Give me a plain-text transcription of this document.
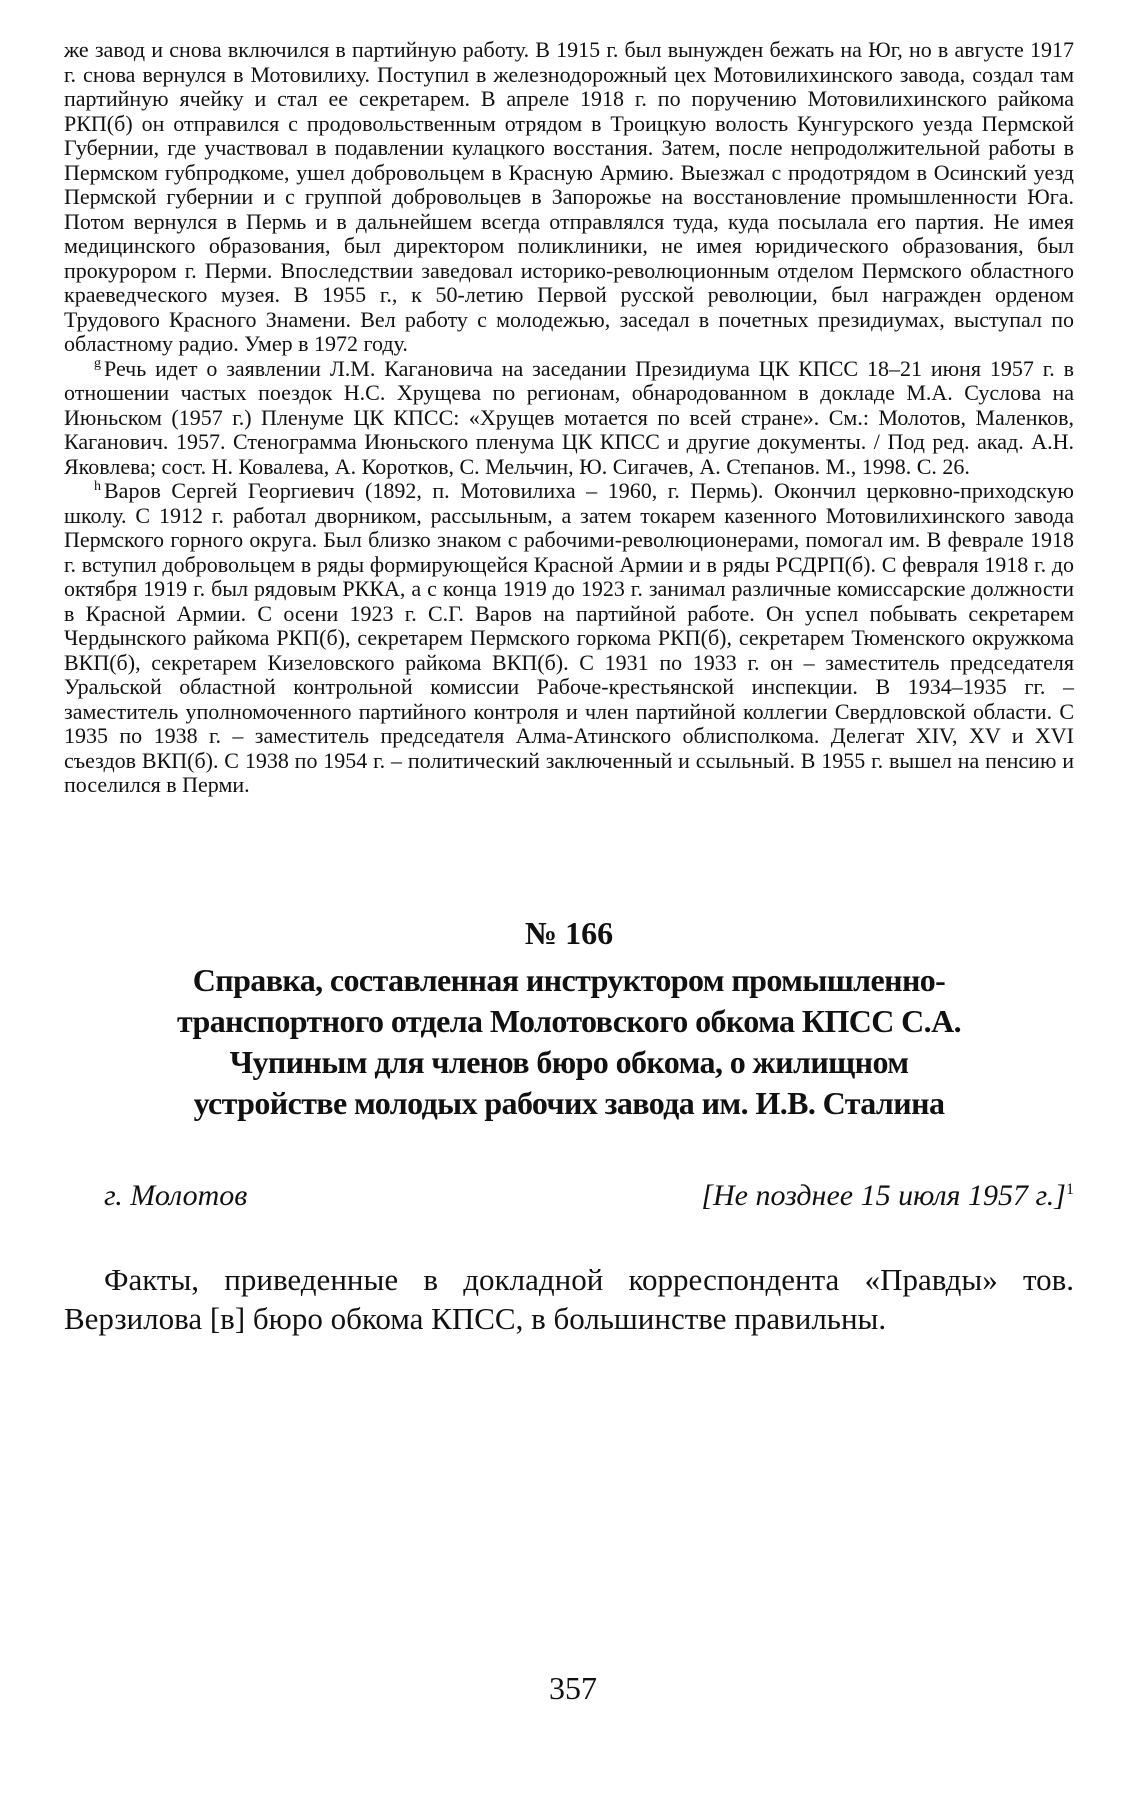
же завод и снова включился в партийную работу. В 1915 г. был вынужден бежать на Юг, но в августе 1917 г. снова вернулся в Мотовилиху. Поступил в железнодорожный цех Мотовилихинского завода, создал там партийную ячейку и стал ее секретарем. В апреле 1918 г. по поручению Мотовилихинского райкома РКП(б) он отправился с продовольственным отрядом в Троицкую волость Кунгурского уезда Пермской Губернии, где участвовал в подавлении кулацкого восстания. Затем, после непродолжительной работы в Пермском губпродкоме, ушел добровольцем в Красную Армию. Выезжал с продотрядом в Осинский уезд Пермской губернии и с группой добровольцев в Запорожье на восстановление промышленности Юга. Потом вернулся в Пермь и в дальнейшем всегда отправлялся туда, куда посылала его партия. Не имея медицинского образования, был директором поликлиники, не имея юридического образования, был прокурором г. Перми. Впоследствии заведовал историко-революционным отделом Пермского областного краеведческого музея. В 1955 г., к 50-летию Первой русской революции, был награжден орденом Трудового Красного Знамени. Вел работу с молодежью, заседал в почетных президиумах, выступал по областному радио. Умер в 1972 году.

$^g$ Речь идет о заявлении Л.М. Кагановича на заседании Президиума ЦК КПСС 18–21 июня 1957 г. в отношении частых поездок Н.С. Хрущева по регионам, обнародованном в докладе М.А. Суслова на Июньском (1957 г.) Пленуме ЦК КПСС: «Хрущев мотается по всей стране». См.: Молотов, Маленков, Каганович. 1957. Стенограмма Июньского пленума ЦК КПСС и другие документы. / Под ред. акад. А.Н. Яковлева; сост. Н. Ковалева, А. Коротков, С. Мельчин, Ю. Сигачев, А. Степанов. М., 1998. С. 26.

$^h$ Варов Сергей Георгиевич (1892, п. Мотовилиха – 1960, г. Пермь). Окончил церковно-приходскую школу. С 1912 г. работал дворником, рассыльным, а затем токарем казенного Мотовилихинского завода Пермского горного округа. Был близко знаком с рабочими-революционерами, помогал им. В феврале 1918 г. вступил добровольцем в ряды формирующейся Красной Армии и в ряды РСДРП(б). С февраля 1918 г. до октября 1919 г. был рядовым РККА, а с конца 1919 до 1923 г. занимал различные комиссарские должности в Красной Армии. С осени 1923 г. С.Г. Варов на партийной работе. Он успел побывать секретарем Чердынского райкома РКП(б), секретарем Пермского горкома РКП(б), секретарем Тюменского окружкома ВКП(б), секретарем Кизеловского райкома ВКП(б). С 1931 по 1933 г. он – заместитель председателя Уральской областной контрольной комиссии Рабоче-крестьянской инспекции. В 1934–1935 гг. – заместитель уполномоченного партийного контроля и член партийной коллегии Свердловской области. С 1935 по 1938 г. – заместитель председателя Алма-Атинского облисполкома. Делегат XIV, XV и XVI съездов ВКП(б). С 1938 по 1954 г. – политический заключенный и ссыльный. В 1955 г. вышел на пенсию и поселился в Перми.

№ 166
Справка, составленная инструктором промышленно-транспортного отдела Молотовского обкома КПСС С.А. Чупиным для членов бюро обкома, о жилищном устройстве молодых рабочих завода им. И.В. Сталина
г. Молотов	[Не позднее 15 июля 1957 г.]$^1$

Факты, приведенные в докладной корреспондента «Правды» тов. Верзилова [в] бюро обкома КПСС, в большинстве правильны.

357
